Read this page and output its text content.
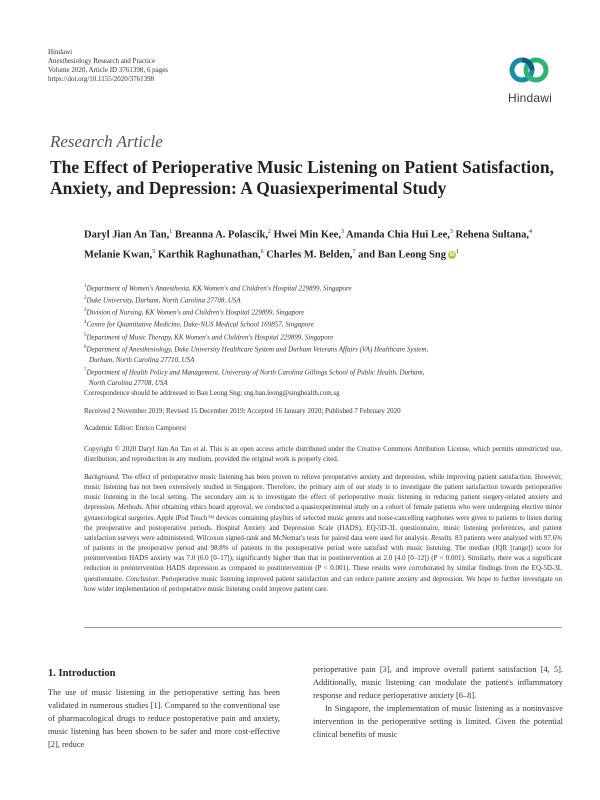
Hindawi
Anesthesiology Research and Practice
Volume 2020, Article ID 3761398, 6 pages
https://doi.org/10.1155/2020/3761398
Hindawi
Research Article
The Effect of Perioperative Music Listening on Patient Satisfaction, Anxiety, and Depression: A Quasiexperimental Study
Daryl Jian An Tan,$^1$ Breanna A. Polascik,$^2$ Hwei Min Kee,$^3$ Amanda Chia Hui Lee,$^3$ Rehena Sultana,$^4$ Melanie Kwan,$^5$ Karthik Raghunathan,$^6$ Charles M. Belden,$^7$ and Ban Leong Sng $iD^1$
$^1$Department of Women's Anaesthesia, KK Women's and Children's Hospital 229899, Singapore
$^2$Duke University, Durham, North Carolina 27708, USA
$^3$Division of Nursing, KK Women's and Children's Hospital 229899, Singapore
$^4$Centre for Quantitative Medicine, Duke-NUS Medical School 169857, Singapore
$^5$Department of Music Therapy, KK Women's and Children's Hospital 229899, Singapore
$^6$Department of Anesthesiology, Duke University Healthcare System and Durham Veterans Affairs (VA) Healthcare System,
Durham, North Carolina 27710, USA
$^7$Department of Health Policy and Management, University of North Carolina Gillings School of Public Health, Durham,
North Carolina 27708, USA
Correspondence should be addressed to Ban Leong Sng; sng.ban.leong@singhealth.com.sg
Received 2 November 2019; Revised 15 December 2019; Accepted 16 January 2020; Published 7 February 2020
Academic Editor: Enrico Camporesi
Copyright © 2020 Daryl Jian An Tan et al. This is an open access article distributed under the Creative Commons Attribution License, which permits unrestricted use, distribution, and reproduction in any medium, provided the original work is properly cited.
Background. The effect of perioperative music listening has been proven to relieve preoperative anxiety and depression, while improving patient satisfaction. However, music listening has not been extensively studied in Singapore. Therefore, the primary aim of our study is to investigate the patient satisfaction towards perioperative music listening in the local setting. The secondary aim is to investigate the effect of perioperative music listening in reducing patient surgery-related anxiety and depression. Methods. After obtaining ethics board approval, we conducted a quasiexperimental study on a cohort of female patients who were undergoing elective minor gynaecological surgeries. Apple iPod Touch™ devices containing playlists of selected music genres and noise-cancelling earphones were given to patients to listen during the preoperative and postoperative periods. Hospital Anxiety and Depression Scale (HADS), EQ-5D-3L questionnaire, music listening preferences, and patient satisfaction surveys were administered. Wilcoxon signed-rank and McNemar's tests for paired data were used for analysis. Results. 83 patients were analysed with 97.6% of patients in the preoperative period and 98.8% of patients in the postoperative period were satisfied with music listening. The median (IQR [range]) score for preintervention HADS anxiety was 7.0 (6.0 [0–17]), significantly higher than that in postintervention at 2.0 (4.0 [0–12]) (P < 0.001). Similarly, there was a significant reduction in preintervention HADS depression as compared to postintervention (P < 0.001). These results were corroborated by similar findings from the EQ-5D-3L questionnaire. Conclusion. Perioperative music listening improved patient satisfaction and can reduce patient anxiety and depression. We hope to further investigate on how wider implementation of perioperative music listening could improve patient care.
1. Introduction
The use of music listening in the perioperative setting has been validated in numerous studies [1]. Compared to the conventional use of pharmacological drugs to reduce postoperative pain and anxiety, music listening has been shown to be safer and more cost-effective [2], reduce
perioperative pain [3], and improve overall patient satisfaction [4, 5]. Additionally, music listening can modulate the patient's inflammatory response and reduce perioperative anxiety [6–8].
In Singapore, the implementation of music listening as a noninvasive intervention in the perioperative setting is limited. Given the potential clinical benefits of music
